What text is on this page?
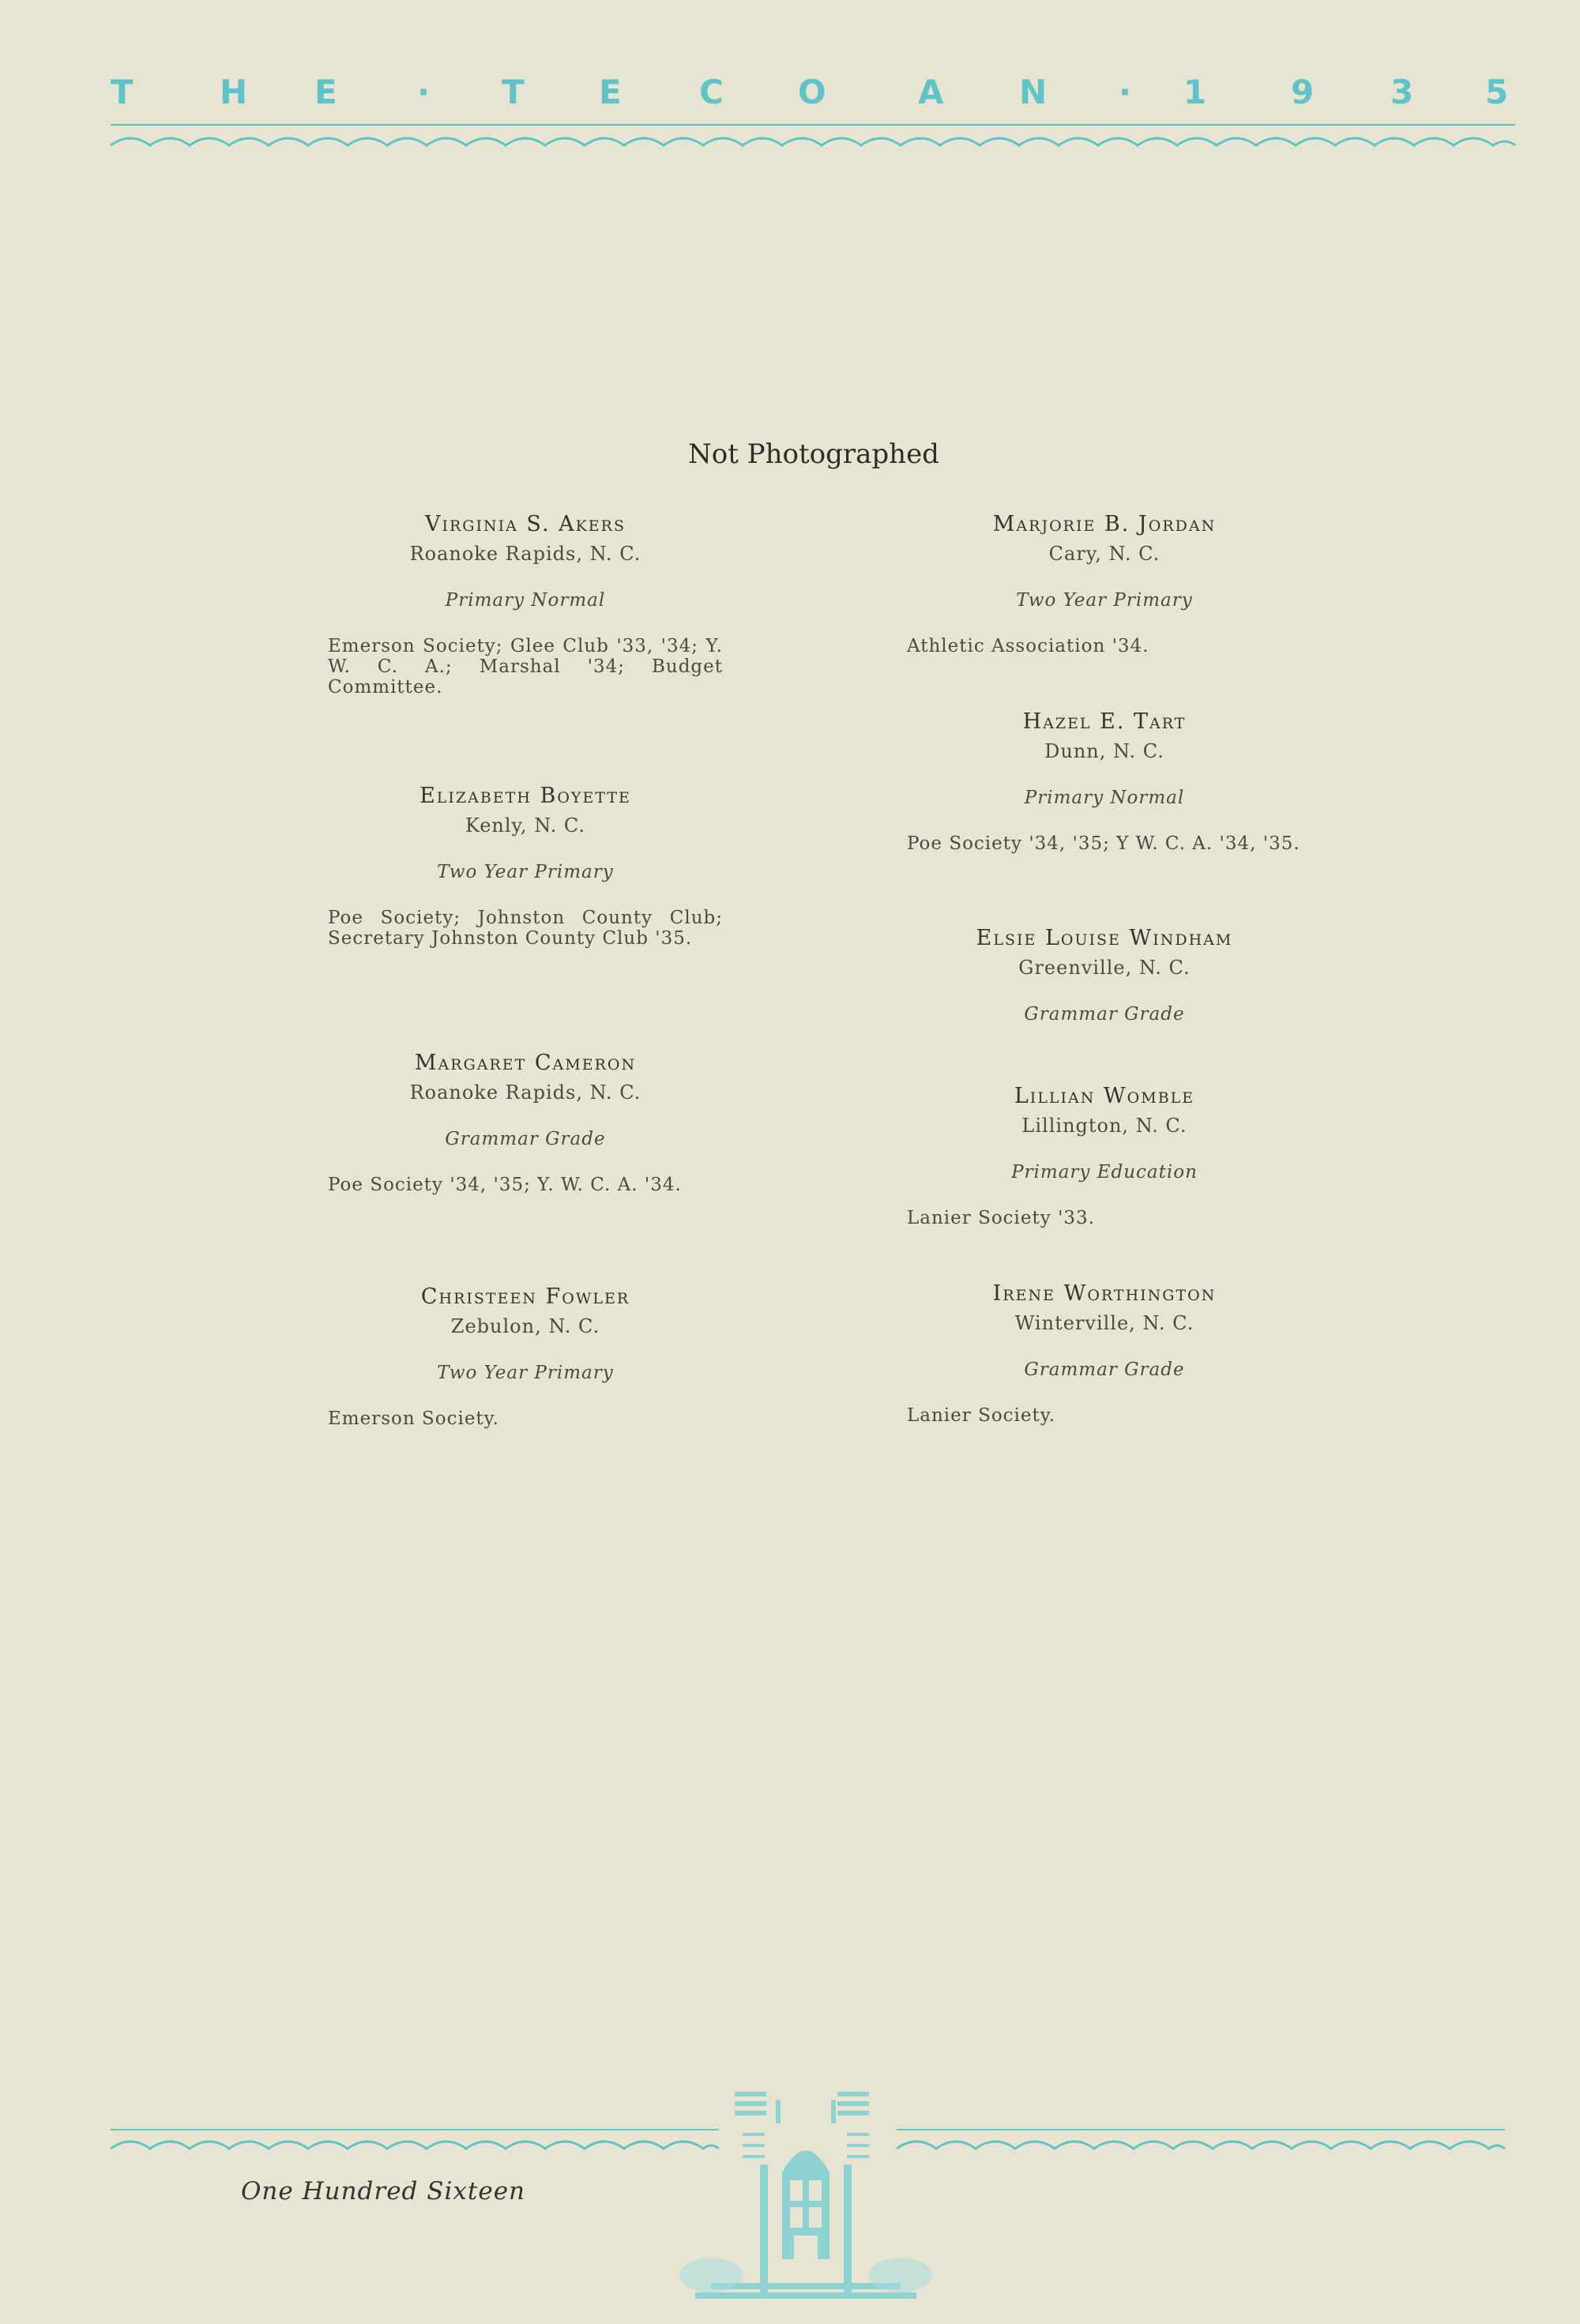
T	H E · T E C O	A N · 1	9 3 5
Not Photographed
Virginia S. Akers
Roanoke Rapids, N. C.
Primary Normal
Emerson Society; Glee Club '33, '34; Y. W. C. A.; Marshal '34; Budget Committee.
Elizabeth Boyette
Kenly, N. C.
Two Year Primary
Poe Society; Johnston County Club; Secretary Johnston County Club '35.
Margaret Cameron
Roanoke Rapids, N. C.
Grammar Grade
Poe Society '34, '35; Y. W. C. A. '34.
Christeen Fowler
Zebulon, N. C.
Two Year Primary
Emerson Society.
Marjorie B. Jordan
Cary, N. C.
Two Year Primary
Athletic Association '34.
Hazel E. Tart
Dunn, N. C.
Primary Normal
Poe Society '34, '35; Y W. C. A. '34, '35.
Elsie Louise Windham
Greenville, N. C.
Grammar Grade
Lillian Womble
Lillington, N. C.
Primary Education
Lanier Society '33.
Irene Worthington
Winterville, N. C.
Grammar Grade
Lanier Society.
One Hundred Sixteen
